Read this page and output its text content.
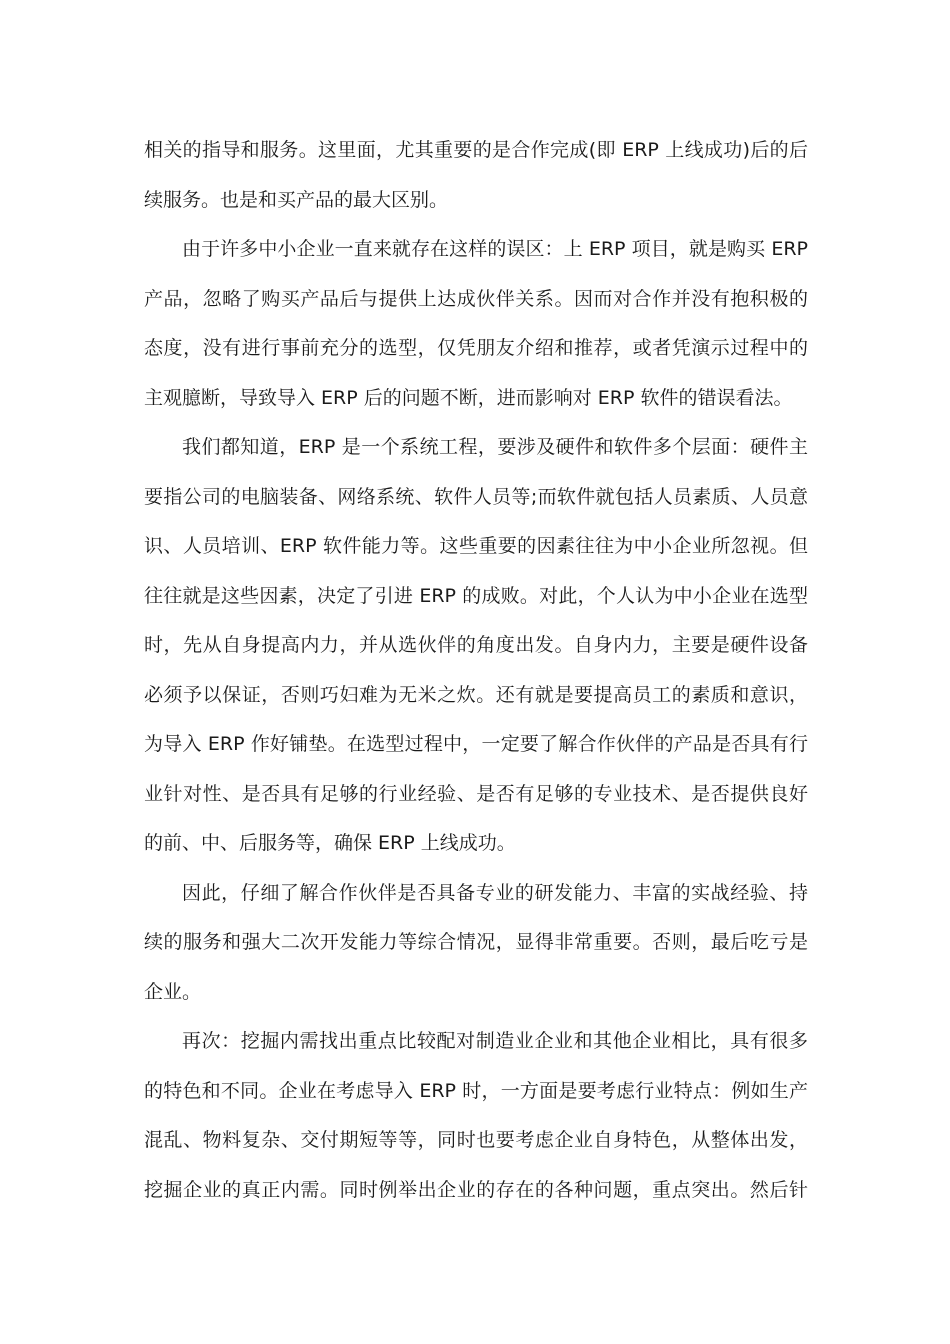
相关的指导和服务。这里面，尤其重要的是合作完成(即 ERP 上线成功)后的后
续服务。也是和买产品的最大区别。
由于许多中小企业一直来就存在这样的误区：上 ERP 项目，就是购买 ERP
产品，忽略了购买产品后与提供上达成伙伴关系。因而对合作并没有抱积极的
态度，没有进行事前充分的选型，仅凭朋友介绍和推荐，或者凭演示过程中的
主观臆断，导致导入 ERP 后的问题不断，进而影响对 ERP 软件的错误看法。
我们都知道，ERP 是一个系统工程，要涉及硬件和软件多个层面：硬件主
要指公司的电脑装备、网络系统、软件人员等;而软件就包括人员素质、人员意
识、人员培训、ERP 软件能力等。这些重要的因素往往为中小企业所忽视。但
往往就是这些因素，决定了引进 ERP 的成败。对此，个人认为中小企业在选型
时，先从自身提高内力，并从选伙伴的角度出发。自身内力，主要是硬件设备
必须予以保证，否则巧妇难为无米之炊。还有就是要提高员工的素质和意识，
为导入 ERP 作好铺垫。在选型过程中，一定要了解合作伙伴的产品是否具有行
业针对性、是否具有足够的行业经验、是否有足够的专业技术、是否提供良好
的前、中、后服务等，确保 ERP 上线成功。
因此，仔细了解合作伙伴是否具备专业的研发能力、丰富的实战经验、持
续的服务和强大二次开发能力等综合情况，显得非常重要。否则，最后吃亏是
企业。
再次：挖掘内需找出重点比较配对制造业企业和其他企业相比，具有很多
的特色和不同。企业在考虑导入 ERP 时，一方面是要考虑行业特点：例如生产
混乱、物料复杂、交付期短等等，同时也要考虑企业自身特色，从整体出发，
挖掘企业的真正内需。同时例举出企业的存在的各种问题，重点突出。然后针
